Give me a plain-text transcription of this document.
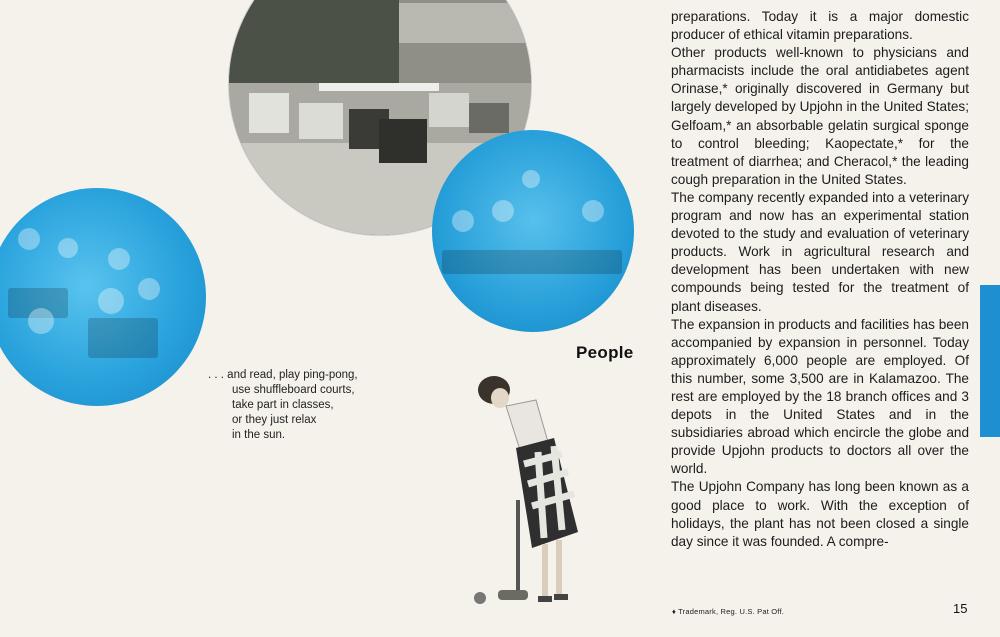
. . . and read, play ping-pong,
use shuffleboard courts,
take part in classes,
or they just relax
in the sun.
People

preparations. Today it is a major domestic producer of ethical vitamin preparations.

Other products well-known to physicians and pharmacists include the oral antidiabetes agent Orinase,* originally discovered in Germany but largely developed by Upjohn in the United States; Gelfoam,* an absorbable gelatin surgical sponge to control bleeding; Kaopectate,* for the treatment of diarrhea; and Cheracol,* the leading cough preparation in the United States.

The company recently expanded into a veterinary program and now has an experimental station devoted to the study and evaluation of veterinary products. Work in agricultural research and development has been undertaken with new compounds being tested for the treatment of plant diseases.

The expansion in products and facilities has been accompanied by expansion in personnel. Today approximately 6,000 people are employed. Of this number, some 3,500 are in Kalamazoo. The rest are employed by the 18 branch offices and 3 depots in the United States and in the subsidiaries abroad which encircle the globe and provide Upjohn products to doctors all over the world.

The Upjohn Company has long been known as a good place to work. With the exception of holidays, the plant has not been closed a single day since it was founded. A compre-

♦ Trademark, Reg. U.S. Pat Off.	15
